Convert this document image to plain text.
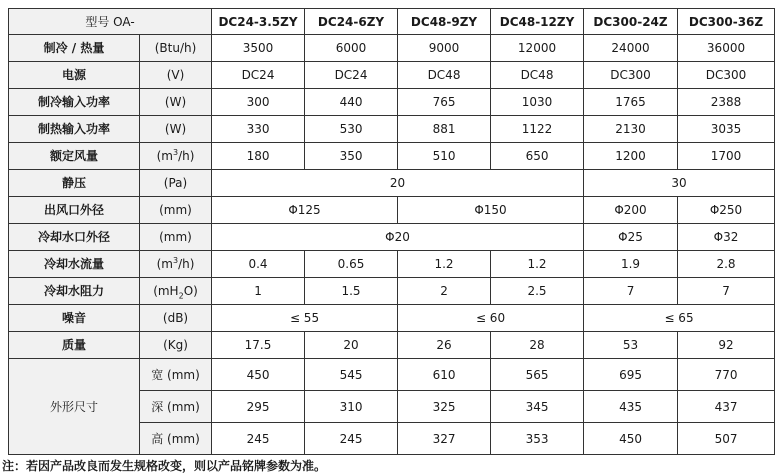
型号 OA-		DC24-3.5ZY	DC24-6ZY	DC48-9ZY	DC48-12ZY	DC300-24Z	DC300-36Z
制冷 / 热量	(Btu/h)	3500	6000	9000	12000	24000	36000
电源	(V)	DC24	DC24	DC48	DC48	DC300	DC300
制冷输入功率	(W)	300	440	765	1030	1765	2388
制热输入功率	(W)	330	530	881	1122	2130	3035
额定风量	$(m^3/h)$	180	350	510	650	1200	1700
静压	(Pa)	20				30	
出风口外径	(mm)	Φ125		Φ150		Φ200	Φ250
冷却水口外径	(mm)	Φ20				Φ25	Φ32
冷却水流量	$(m^3/h)$	0.4	0.65	1.2	1.2	1.9	2.8
冷却水阻力	$(mH_2O)$	1	1.5	2	2.5	7	7
噪音	(dB)	≤ 55		≤ 60		≤ 65	
质量	(Kg)	17.5	20	26	28	53	92
外形尺寸	宽 (mm)	450	545	610	565	695	770
	深 (mm)	295	310	325	345	435	437
	高 (mm)	245	245	327	353	450	507
注：若因产品改良而发生规格改变，则以产品铭牌参数为准。
